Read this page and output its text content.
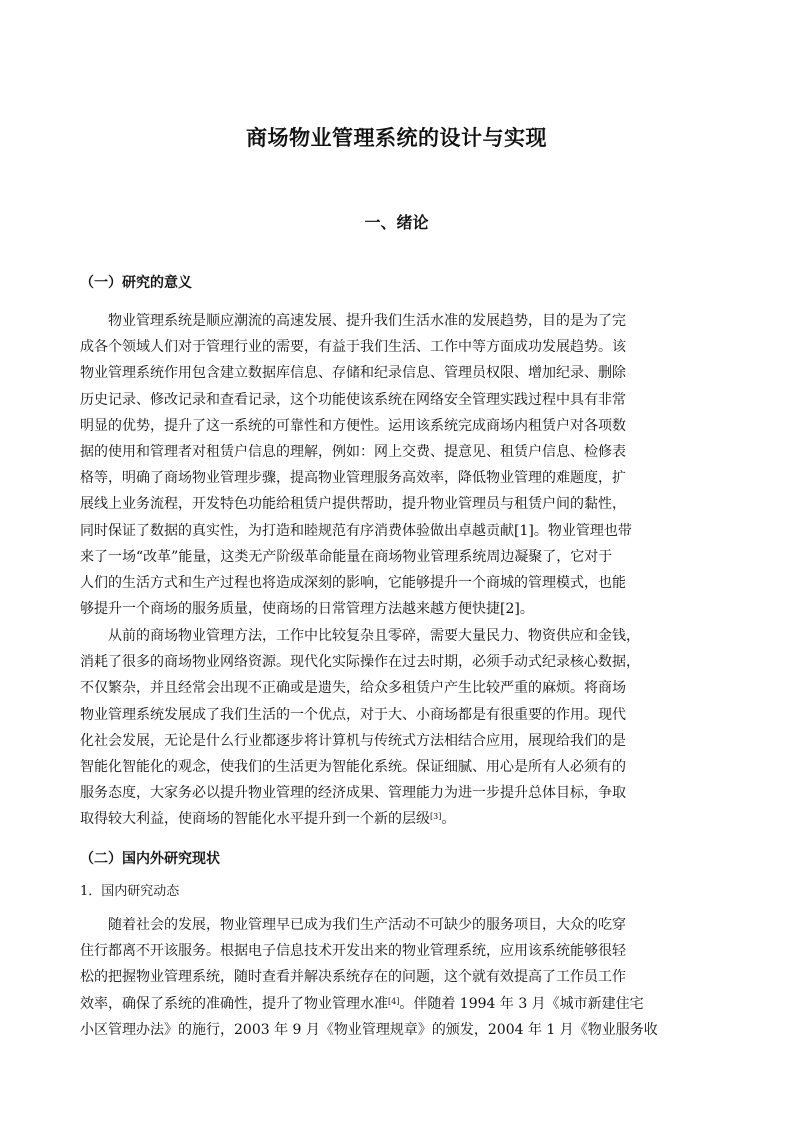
商场物业管理系统的设计与实现
一、绪论
（一）研究的意义
物业管理系统是顺应潮流的高速发展、提升我们生活水准的发展趋势，目的是为了完
成各个领域人们对于管理行业的需要，有益于我们生活、工作中等方面成功发展趋势。该
物业管理系统作用包含建立数据库信息、存储和纪录信息、管理员权限、增加纪录、删除
历史记录、修改记录和查看记录，这个功能使该系统在网络安全管理实践过程中具有非常
明显的优势，提升了这一系统的可靠性和方便性。运用该系统完成商场内租赁户对各项数
据的使用和管理者对租赁户信息的理解，例如：网上交费、提意见、租赁户信息、检修表
格等，明确了商场物业管理步骤，提高物业管理服务高效率，降低物业管理的难题度，扩
展线上业务流程，开发特色功能给租赁户提供帮助，提升物业管理员与租赁户间的黏性，
同时保证了数据的真实性，为打造和睦规范有序消费体验做出卓越贡献[1]。物业管理也带
来了一场“改革”能量，这类无产阶级革命能量在商场物业管理系统周边凝聚了，它对于
人们的生活方式和生产过程也将造成深刻的影响，它能够提升一个商城的管理模式，也能
够提升一个商场的服务质量，使商场的日常管理方法越来越方便快捷[2]。
从前的商场物业管理方法，工作中比较复杂且零碎，需要大量民力、物资供应和金钱，
消耗了很多的商场物业网络资源。现代化实际操作在过去时期，必须手动式纪录核心数据，
不仅繁杂，并且经常会出现不正确或是遗失，给众多租赁户产生比较严重的麻烦。将商场
物业管理系统发展成了我们生活的一个优点，对于大、小商场都是有很重要的作用。现代
化社会发展，无论是什么行业都逐步将计算机与传统式方法相结合应用，展现给我们的是
智能化智能化的观念，使我们的生活更为智能化系统。保证细腻、用心是所有人必须有的
服务态度，大家务必以提升物业管理的经济成果、管理能力为进一步提升总体目标，争取
取得较大利益，使商场的智能化水平提升到一个新的层级[3]。
（二）国内外研究现状
1．国内研究动态
随着社会的发展，物业管理早已成为我们生产活动不可缺少的服务项目，大众的吃穿
住行都离不开该服务。根据电子信息技术开发出来的物业管理系统，应用该系统能够很轻
松的把握物业管理系统，随时查看并解决系统存在的问题，这个就有效提高了工作员工作
效率，确保了系统的准确性，提升了物业管理水准[4]。伴随着 1994 年 3 月《城市新建住宅
小区管理办法》的施行，2003 年 9 月《物业管理规章》的颁发，2004 年 1 月《物业服务收
